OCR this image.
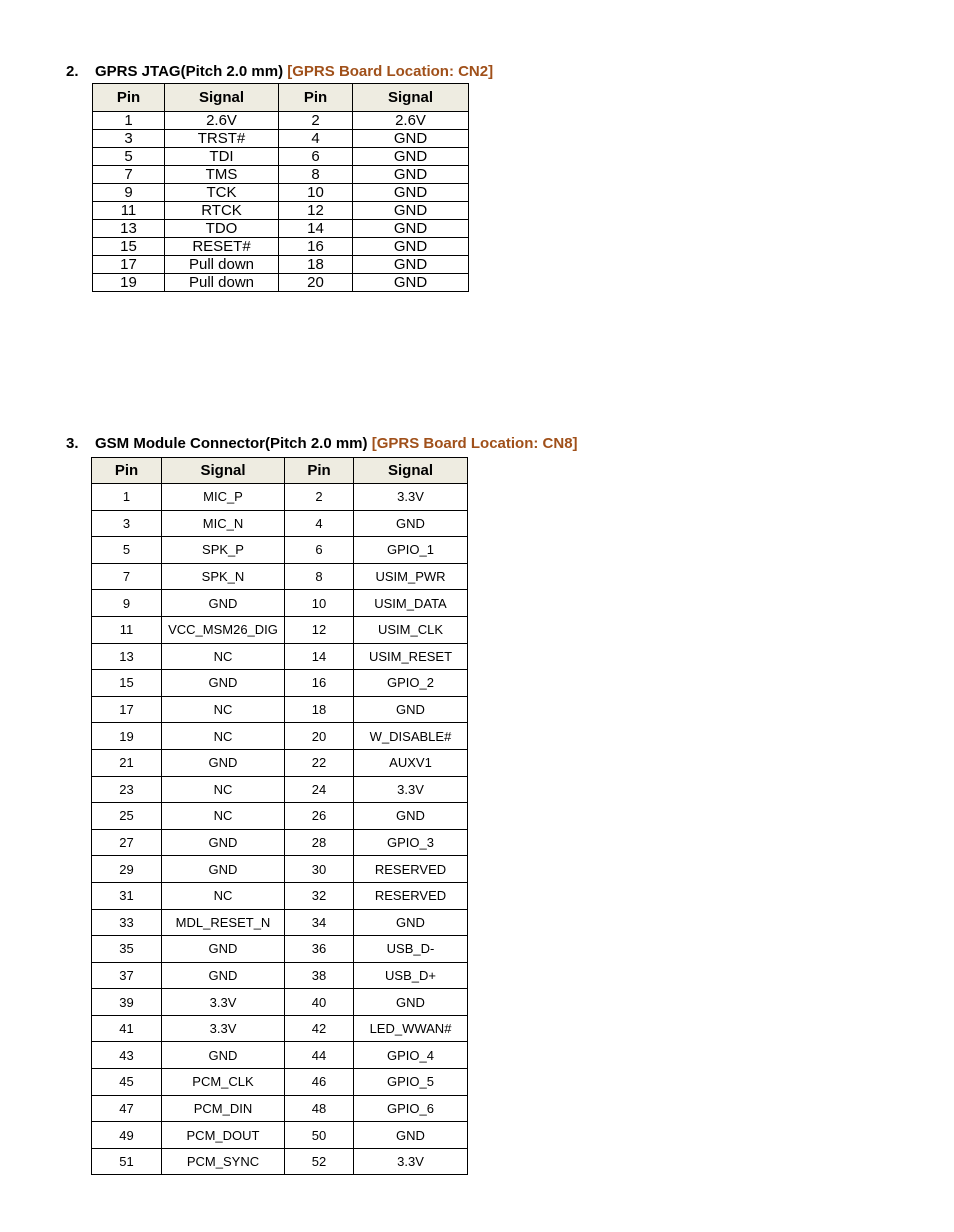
2. GPRS JTAG(Pitch 2.0 mm) [GPRS Board Location: CN2]
Pin	Signal	Pin	Signal
1	2.6V	2	2.6V
3	TRST#	4	GND
5	TDI	6	GND
7	TMS	8	GND
9	TCK	10	GND
11	RTCK	12	GND
13	TDO	14	GND
15	RESET#	16	GND
17	Pull down	18	GND
19	Pull down	20	GND
3. GSM Module Connector(Pitch 2.0 mm) [GPRS Board Location: CN8]
Pin	Signal	Pin	Signal
1	MIC_P	2	3.3V
3	MIC_N	4	GND
5	SPK_P	6	GPIO_1
7	SPK_N	8	USIM_PWR
9	GND	10	USIM_DATA
11	VCC_MSM26_DIG	12	USIM_CLK
13	NC	14	USIM_RESET
15	GND	16	GPIO_2
17	NC	18	GND
19	NC	20	W_DISABLE#
21	GND	22	AUXV1
23	NC	24	3.3V
25	NC	26	GND
27	GND	28	GPIO_3
29	GND	30	RESERVED
31	NC	32	RESERVED
33	MDL_RESET_N	34	GND
35	GND	36	USB_D-
37	GND	38	USB_D+
39	3.3V	40	GND
41	3.3V	42	LED_WWAN#
43	GND	44	GPIO_4
45	PCM_CLK	46	GPIO_5
47	PCM_DIN	48	GPIO_6
49	PCM_DOUT	50	GND
51	PCM_SYNC	52	3.3V
